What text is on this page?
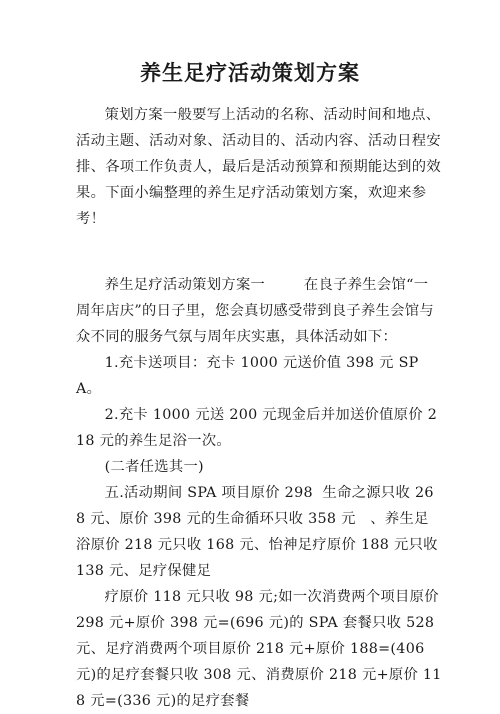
养生足疗活动策划方案

策划方案一般要写上活动的名称、活动时间和地点、活动主题、活动对象、活动目的、活动内容、活动日程安排、各项工作负责人，最后是活动预算和预期能达到的效果。下面小编整理的养生足疗活动策划方案，欢迎来参考！

养生足疗活动策划方案一        在良子养生会馆“一周年店庆”的日子里，您会真切感受带到良子养生会馆与众不同的服务气氛与周年庆实惠，具体活动如下：

1.充卡送项目：充卡 1000 元送价值 398 元 SPA。

2.充卡 1000 元送 200 元现金后并加送价值原价 218 元的养生足浴一次。

(二者任选其一)

五.活动期间 SPA 项目原价 298  生命之源只收 268 元、原价 398 元的生命循环只收 358 元   、养生足浴原价 218 元只收 168 元、怡神足疗原价 188 元只收 138 元、足疗保健足

疗原价 118 元只收 98 元;如一次消费两个项目原价 298 元+原价 398 元=(696 元)的 SPA 套餐只收 528 元、足疗消费两个项目原价 218 元+原价 188=(406 元)的足疗套餐只收 308 元、消费原价 218 元+原价 118 元=(336 元)的足疗套餐
